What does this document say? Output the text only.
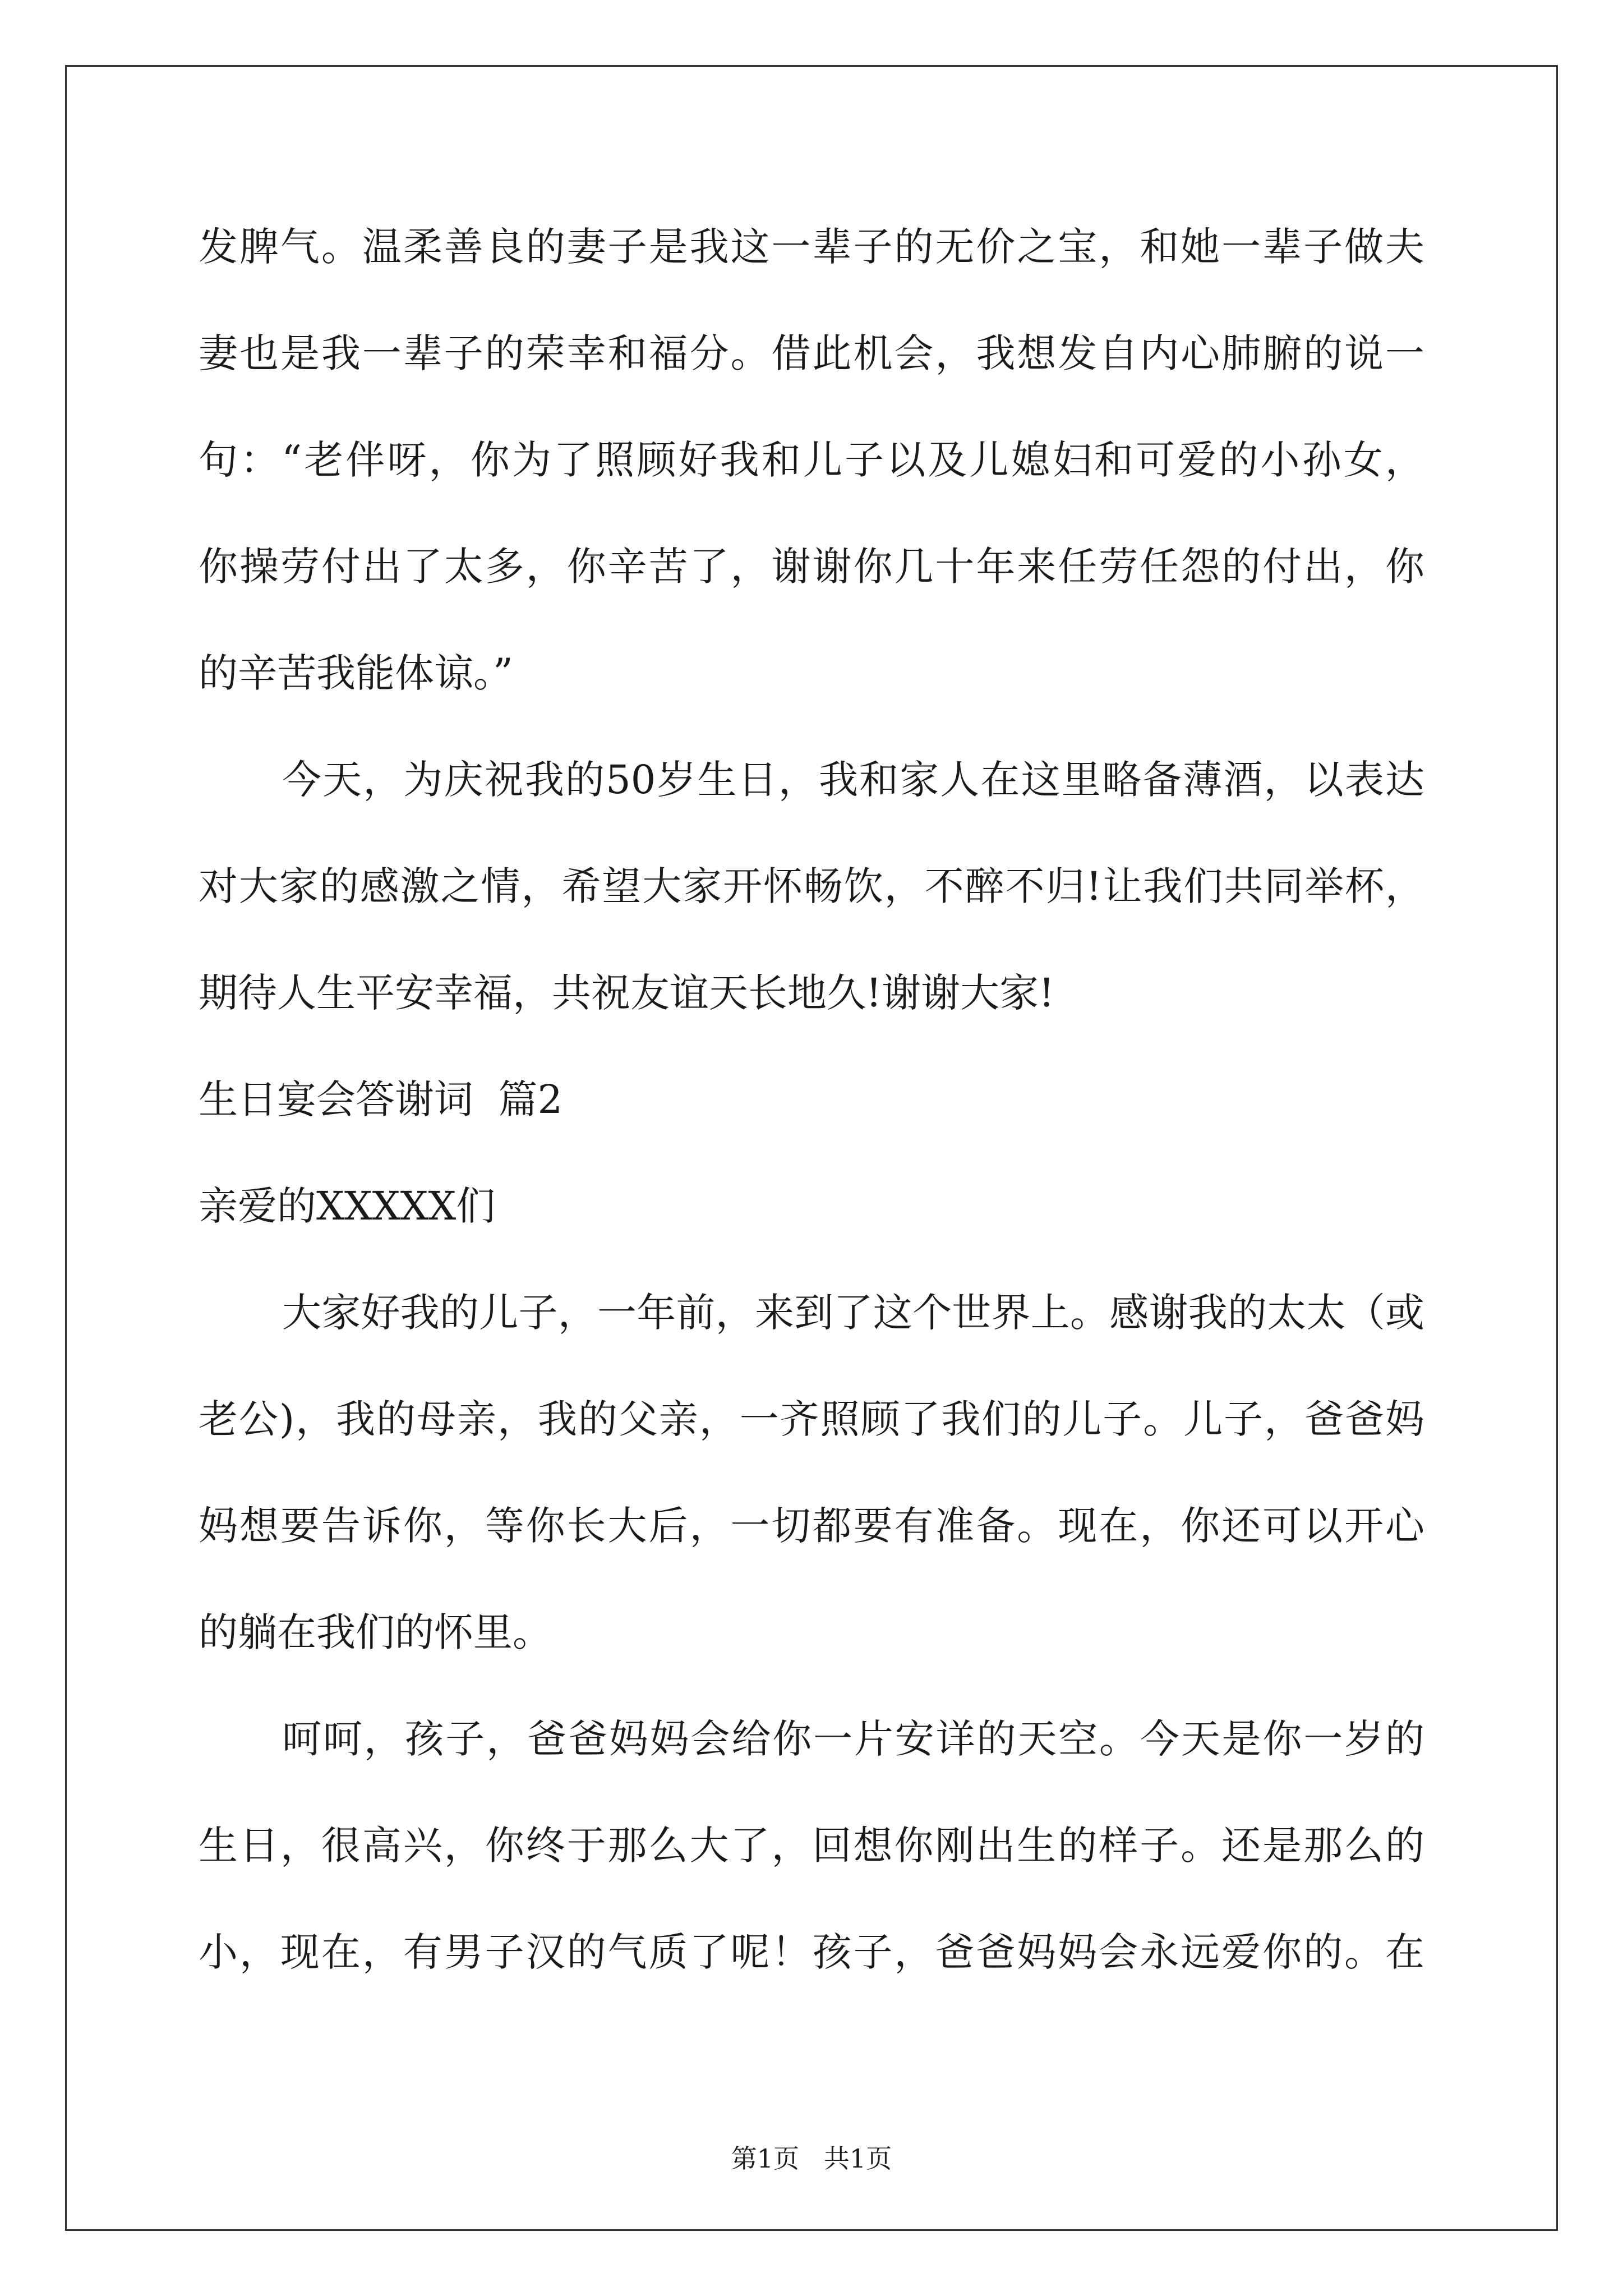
发脾气。温柔善良的妻子是我这一辈子的无价之宝，和她一辈子做夫
妻也是我一辈子的荣幸和福分。借此机会，我想发自内心肺腑的说一
句：“老伴呀，你为了照顾好我和儿子以及儿媳妇和可爱的小孙女，
你操劳付出了太多，你辛苦了，谢谢你几十年来任劳任怨的付出，你
的辛苦我能体谅。”
今天，为庆祝我的50岁生日，我和家人在这里略备薄酒，以表达
对大家的感激之情，希望大家开怀畅饮，不醉不归!让我们共同举杯，
期待人生平安幸福，共祝友谊天长地久!谢谢大家!
生日宴会答谢词  篇2
亲爱的XXXXX们
大家好我的儿子，一年前，来到了这个世界上。感谢我的太太（或
老公)，我的母亲，我的父亲，一齐照顾了我们的儿子。儿子，爸爸妈
妈想要告诉你，等你长大后，一切都要有准备。现在，你还可以开心
的躺在我们的怀里。
呵呵，孩子，爸爸妈妈会给你一片安详的天空。今天是你一岁的
生日，很高兴，你终于那么大了，回想你刚出生的样子。还是那么的
小，现在，有男子汉的气质了呢！孩子，爸爸妈妈会永远爱你的。在
第1页   共1页
